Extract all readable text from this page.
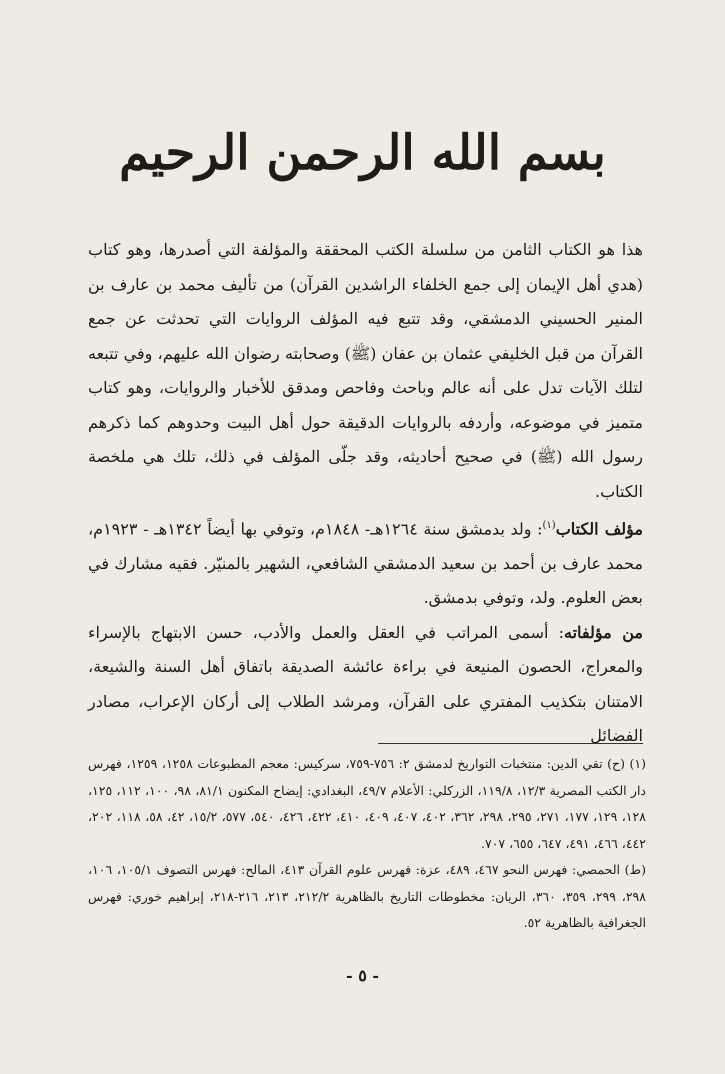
بسم الله الرحمن الرحيم

هذا هو الكتاب الثامن من سلسلة الكتب المحققة والمؤلفة التي أصدرها، وهو كتاب (هدي أهل الإيمان إلى جمع الخلفاء الراشدين القرآن) من تأليف محمد بن عارف بن المنير الحسيني الدمشقي، وقد تتبع فيه المؤلف الروايات التي تحدثت عن جمع القرآن من قبل الخليفي عثمان بن عفان (ﷺ) وصحابته رضوان الله عليهم، وفي تتبعه لتلك الآيات تدل على أنه عالم وباحث وفاحص ومدقق للأخبار والروايات، وهو كتاب متميز في موضوعه، وأردفه بالروايات الدقيقة حول أهل البيت وحدوهم كما ذكرهم رسول الله (ﷺ) في صحيح أحاديثه، وقد جلّى المؤلف في ذلك، تلك هي ملخصة الكتاب.

مؤلف الكتاب$^{(١)}$: ولد بدمشق سنة ١٢٦٤هـ- ١٨٤٨م، وتوفي بها أيضاً ١٣٤٢هـ - ١٩٢٣م، محمد عارف بن أحمد بن سعيد الدمشقي الشافعي، الشهير بالمنيّر. فقيه مشارك في بعض العلوم. ولد، وتوفي بدمشق.

من مؤلفاته: أسمى المراتب في العقل والعمل والأدب، حسن الابتهاج بالإسراء والمعراج، الحصون المنيعة في براءة عائشة الصديقة باتفاق أهل السنة والشيعة، الامتنان بتكذيب المفتري على القرآن، ومرشد الطلاب إلى أركان الإعراب، مصادر الفضائل

(١) (ح) تقي الدين: منتخبات التواريخ لدمشق ٢: ٧٥٦-٧٥٩، سركيس: معجم المطبوعات ١٢٥٨، ١٢٥٩، فهرس دار الكتب المصرية ١٢/٣، ١١٩/٨، الزركلي: الأعلام ٤٩/٧، البغدادي: إيضاح المكنون ٨١/١، ٩٨، ١٠٠، ١١٢، ١٢٥، ١٢٨، ١٢٩، ١٧٧، ٢٧١، ٢٩٥، ٢٩٨، ٣٦٢، ٤٠٢، ٤٠٧، ٤٠٩، ٤١٠، ٤٢٢، ٤٢٦، ٥٤٠، ٥٧٧، ١٥/٢، ٤٢، ٥٨، ١١٨، ٢٠٢، ٤٤٢، ٤٦٦، ٤٩١، ٦٤٧، ٦٥٥، ٧٠٧.

(ط) الحمصي: فهرس النحو ٤٦٧، ٤٨٩، عزة: فهرس علوم القرآن ٤١٣، المالح: فهرس التصوف ١٠٥/١، ١٠٦، ٢٩٨، ٢٩٩، ٣٥٩، ٣٦٠، الريان: مخطوطات التاريخ بالظاهرية ٢١٢/٢، ٢١٣، ٢١٦-٢١٨، إبراهيم خوري: فهرس الجغرافية بالظاهرية ٥٢.

- ٥ -
